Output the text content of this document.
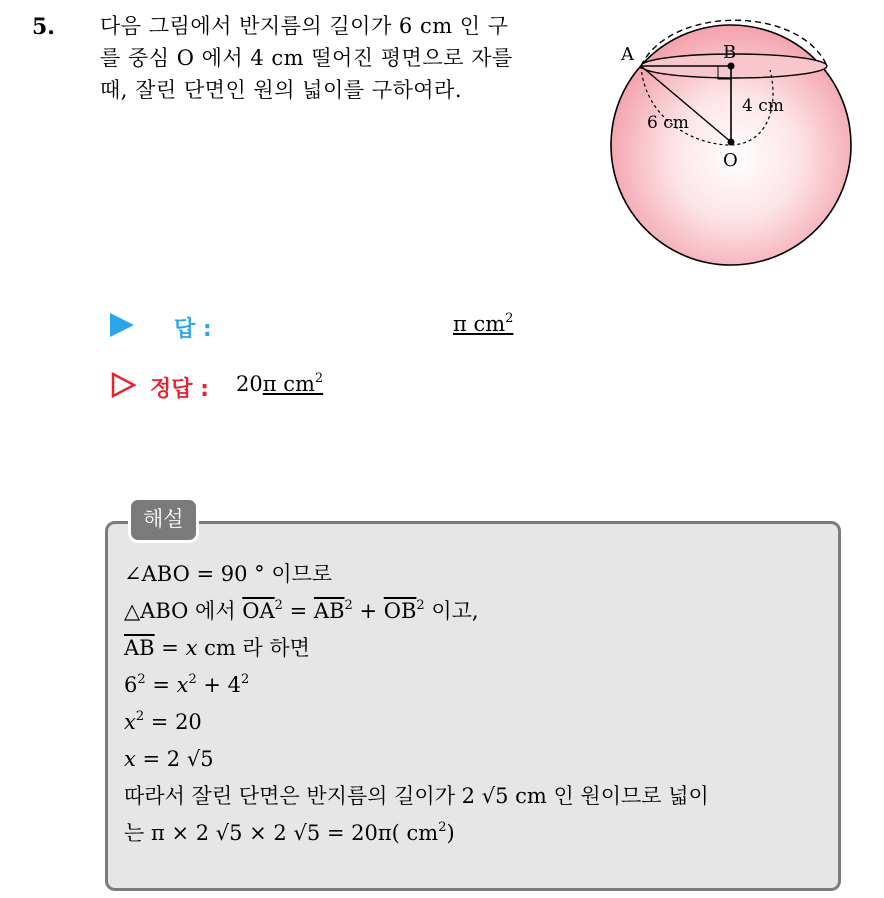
5. 다음 그림에서 반지름의 길이가 6 cm 인 구
를 중심 O 에서 4 cm 떨어진 평면으로 자를
때, 잘린 단면인 원의 넓이를 구하여라.
A	B
O
6 cm
4 cm
답 :	π $cm^2$
정답 : 20π $cm^2$
해설
∠ABO = 90 ° 이므로
△ABO 에서 $\overline{OA}^2 = \overline{AB}^2 + \overline{OB}^2$ 이고,
$\overline{AB} = x$ cm 라 하면
$6^2 = x^2 + 4^2$
$x^2 = 20$
x = 2 √5
따라서 잘린 단면은 반지름의 길이가 2 √5 cm 인 원이므로 넓이
는 π × 2 √5 × 2 √5 = 20π( $cm^2$)
